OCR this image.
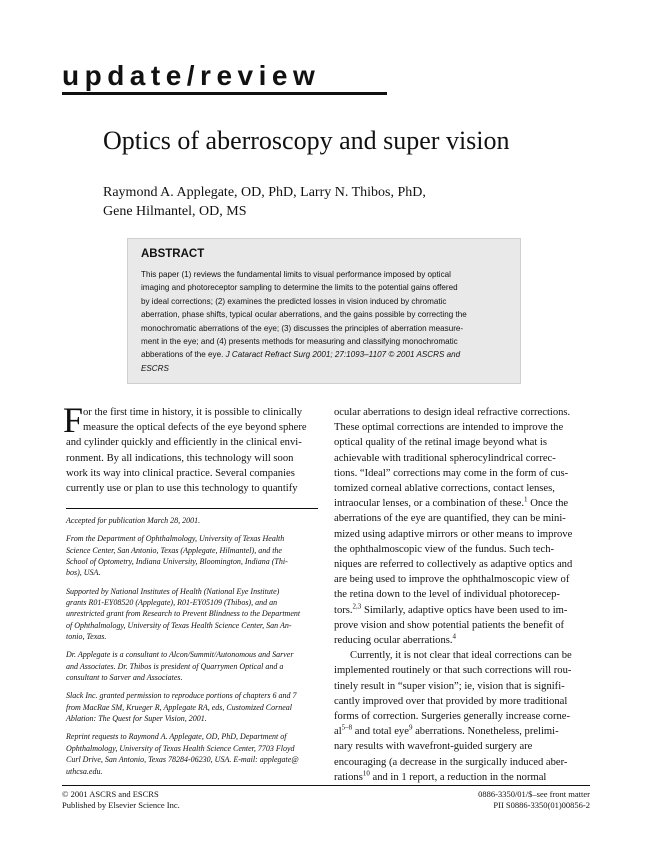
update/review
Optics of aberroscopy and super vision
Raymond A. Applegate, OD, PhD, Larry N. Thibos, PhD,
Gene Hilmantel, OD, MS
ABSTRACT
This paper (1) reviews the fundamental limits to visual performance imposed by optical
imaging and photoreceptor sampling to determine the limits to the potential gains offered
by ideal corrections; (2) examines the predicted losses in vision induced by chromatic
aberration, phase shifts, typical ocular aberrations, and the gains possible by correcting the
monochromatic aberrations of the eye; (3) discusses the principles of aberration measure-
ment in the eye; and (4) presents methods for measuring and classifying monochromatic
abberations of the eye. J Cataract Refract Surg 2001; 27:1093–1107 © 2001 ASCRS and
ESCRS
F or the first time in history, it is possible to clinically
measure the optical defects of the eye beyond sphere
and cylinder quickly and efficiently in the clinical envi-
ronment. By all indications, this technology will soon
work its way into clinical practice. Several companies
currently use or plan to use this technology to quantify

Accepted for publication March 28, 2001.

From the Department of Ophthalmology, University of Texas Health
Science Center, San Antonio, Texas (Applegate, Hilmantel), and the
School of Optometry, Indiana University, Bloomington, Indiana (Thi-
bos), USA.

Supported by National Institutes of Health (National Eye Institute)
grants R01-EY08520 (Applegate), R01-EY05109 (Thibos), and an
unrestricted grant from Research to Prevent Blindness to the Department
of Ophthalmology, University of Texas Health Science Center, San An-
tonio, Texas.

Dr. Applegate is a consultant to Alcon/Summit/Autonomous and Sarver
and Associates. Dr. Thibos is president of Quarrymen Optical and a
consultant to Sarver and Associates.

Slack Inc. granted permission to reproduce portions of chapters 6 and 7
from MacRae SM, Krueger R, Applegate RA, eds, Customized Corneal
Ablation: The Quest for Super Vision, 2001.

Reprint requests to Raymond A. Applegate, OD, PhD, Department of
Ophthalmology, University of Texas Health Science Center, 7703 Floyd
Curl Drive, San Antonio, Texas 78284-06230, USA. E-mail: applegate@
uthcsa.edu.

ocular aberrations to design ideal refractive corrections.
These optimal corrections are intended to improve the
optical quality of the retinal image beyond what is
achievable with traditional spherocylindrical correc-
tions. “Ideal” corrections may come in the form of cus-
tomized corneal ablative corrections, contact lenses,
intraocular lenses, or a combination of these.$^1$ Once the
aberrations of the eye are quantified, they can be mini-
mized using adaptive mirrors or other means to improve
the ophthalmoscopic view of the fundus. Such tech-
niques are referred to collectively as adaptive optics and
are being used to improve the ophthalmoscopic view of
the retina down to the level of individual photorecep-
tors.$^{2,3}$ Similarly, adaptive optics have been used to im-
prove vision and show potential patients the benefit of
reducing ocular aberrations.$^4$
Currently, it is not clear that ideal corrections can be
implemented routinely or that such corrections will rou-
tinely result in “super vision”; ie, vision that is signifi-
cantly improved over that provided by more traditional
forms of correction. Surgeries generally increase corne-
$al^{5-8}$ and total eye$^9$ aberrations. Nonetheless, prelimi-
nary results with wavefront-guided surgery are
encouraging (a decrease in the surgically induced aber-
rations$^{10}$ and in 1 report, a reduction in the normal
© 2001 ASCRS and ESCRS
Published by Elsevier Science Inc.
0886-3350/01/$–see front matter
PII S0886-3350(01)00856-2
